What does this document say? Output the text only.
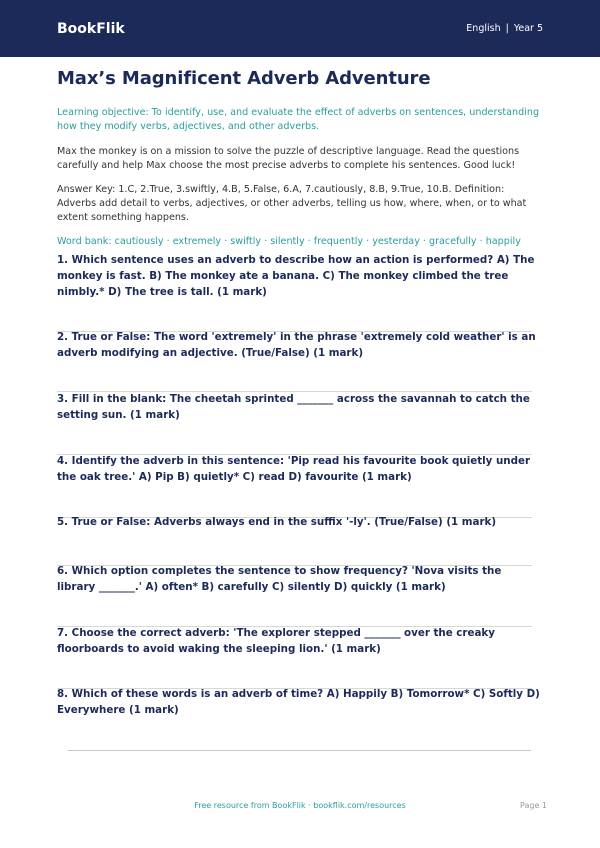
BookFlik	English | Year 5
Max’s Magnificent Adverb Adventure
Learning objective: To identify, use, and evaluate the effect of adverbs on sentences, understanding how they modify verbs, adjectives, and other adverbs.
Max the monkey is on a mission to solve the puzzle of descriptive language. Read the questions carefully and help Max choose the most precise adverbs to complete his sentences. Good luck!
Answer Key: 1.C, 2.True, 3.swiftly, 4.B, 5.False, 6.A, 7.cautiously, 8.B, 9.True, 10.B. Definition: Adverbs add detail to verbs, adjectives, or other adverbs, telling us how, where, when, or to what extent something happens.
Word bank: cautiously · extremely · swiftly · silently · frequently · yesterday · gracefully · happily
1. Which sentence uses an adverb to describe how an action is performed? A) The monkey is fast. B) The monkey ate a banana. C) The monkey climbed the tree nimbly.* D) The tree is tall. (1 mark)
2. True or False: The word 'extremely' in the phrase 'extremely cold weather' is an adverb modifying an adjective. (True/False) (1 mark)
3. Fill in the blank: The cheetah sprinted _______ across the savannah to catch the setting sun. (1 mark)
4. Identify the adverb in this sentence: 'Pip read his favourite book quietly under the oak tree.' A) Pip B) quietly* C) read D) favourite (1 mark)
5. True or False: Adverbs always end in the suffix '-ly'. (True/False) (1 mark)
6. Which option completes the sentence to show frequency? 'Nova visits the library _______.' A) often* B) carefully C) silently D) quickly (1 mark)
7. Choose the correct adverb: 'The explorer stepped _______ over the creaky floorboards to avoid waking the sleeping lion.' (1 mark)
8. Which of these words is an adverb of time? A) Happily B) Tomorrow* C) Softly D) Everywhere (1 mark)
Free resource from BookFlik · bookflik.com/resources	Page 1
